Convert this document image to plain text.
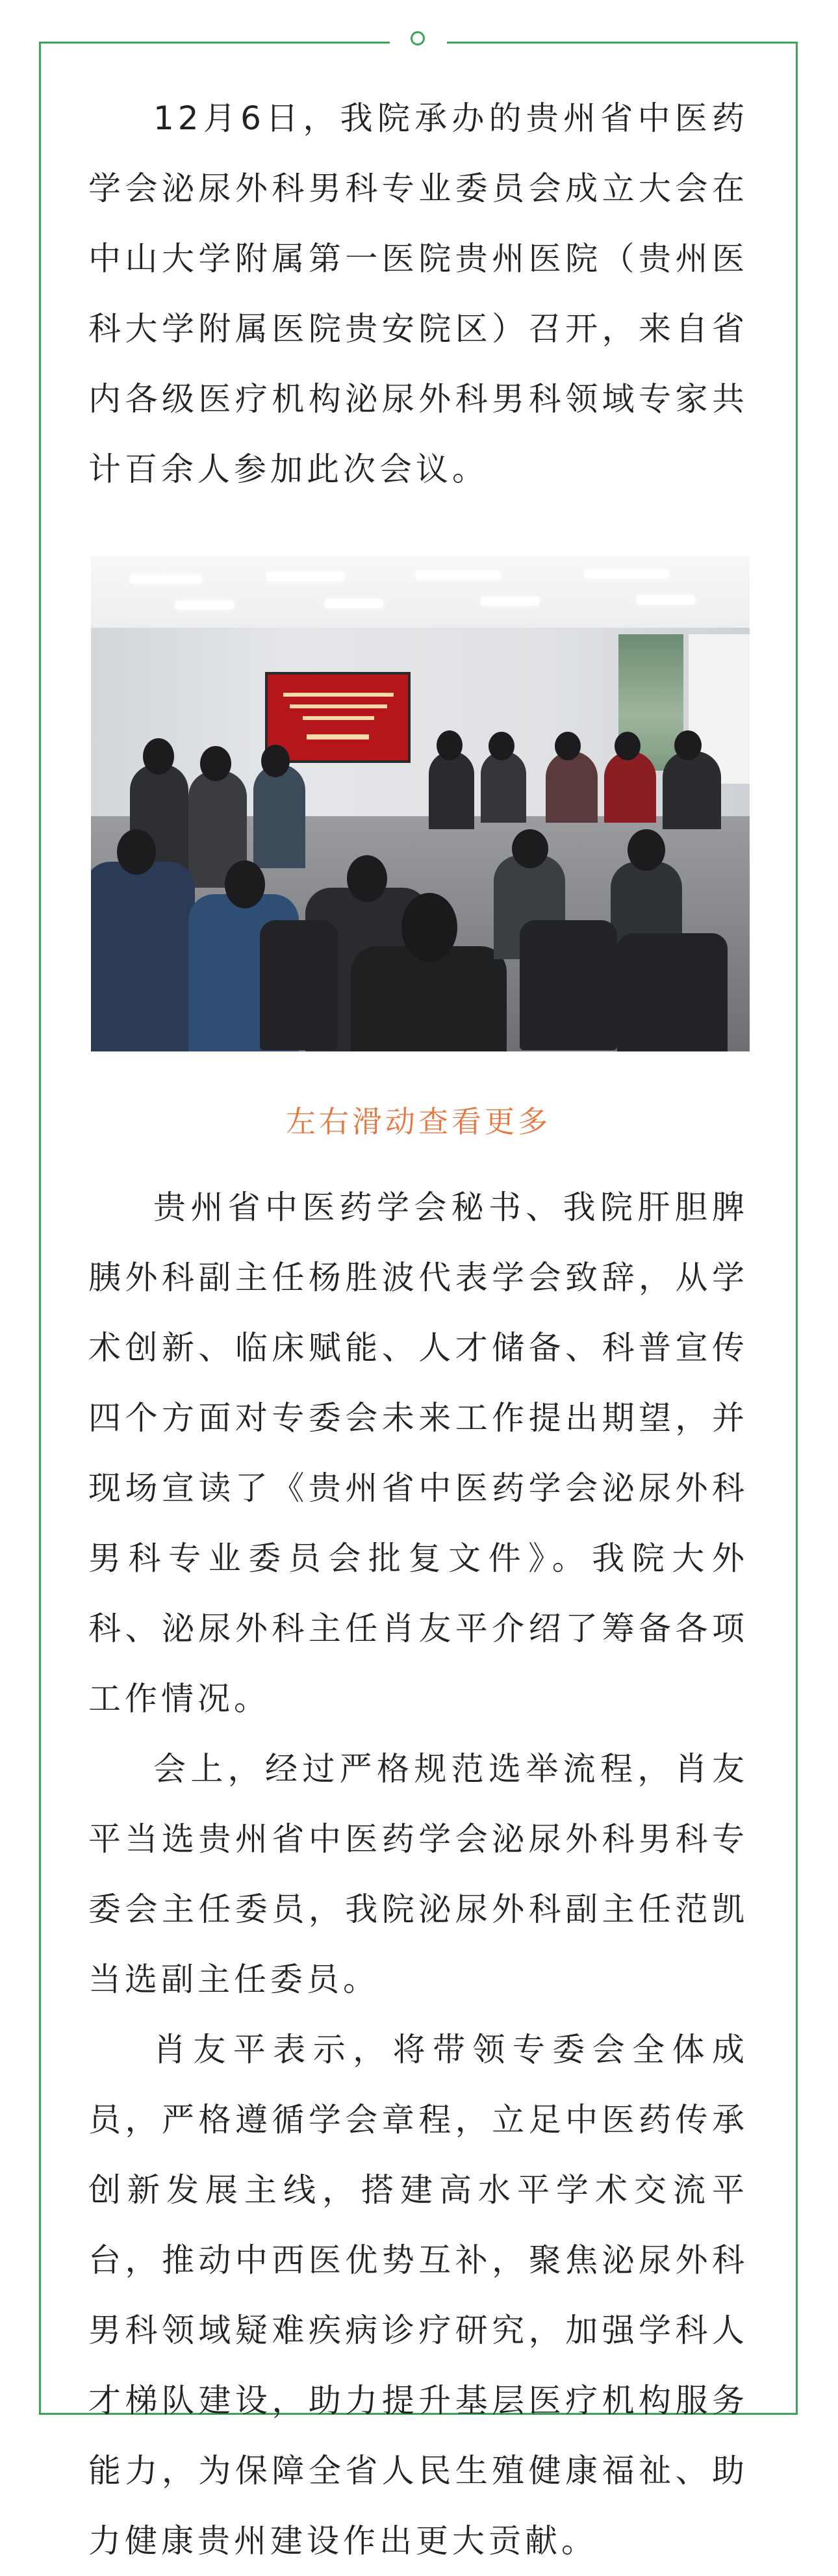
12月6日，我院承办的贵州省中医药学会泌尿外科男科专业委员会成立大会在中山大学附属第一医院贵州医院（贵州医科大学附属医院贵安院区）召开，来自省内各级医疗机构泌尿外科男科领域专家共计百余人参加此次会议。

左右滑动查看更多

贵州省中医药学会秘书、我院肝胆脾胰外科副主任杨胜波代表学会致辞，从学术创新、临床赋能、人才储备、科普宣传四个方面对专委会未来工作提出期望，并现场宣读了《贵州省中医药学会泌尿外科男科专业委员会批复文件》。我院大外科、泌尿外科主任肖友平介绍了筹备各项工作情况。

会上，经过严格规范选举流程，肖友平当选贵州省中医药学会泌尿外科男科专委会主任委员，我院泌尿外科副主任范凯当选副主任委员。

肖友平表示，将带领专委会全体成员，严格遵循学会章程，立足中医药传承创新发展主线，搭建高水平学术交流平台，推动中西医优势互补，聚焦泌尿外科男科领域疑难疾病诊疗研究，加强学科人才梯队建设，助力提升基层医疗机构服务能力，为保障全省人民生殖健康福祉、助力健康贵州建设作出更大贡献。
